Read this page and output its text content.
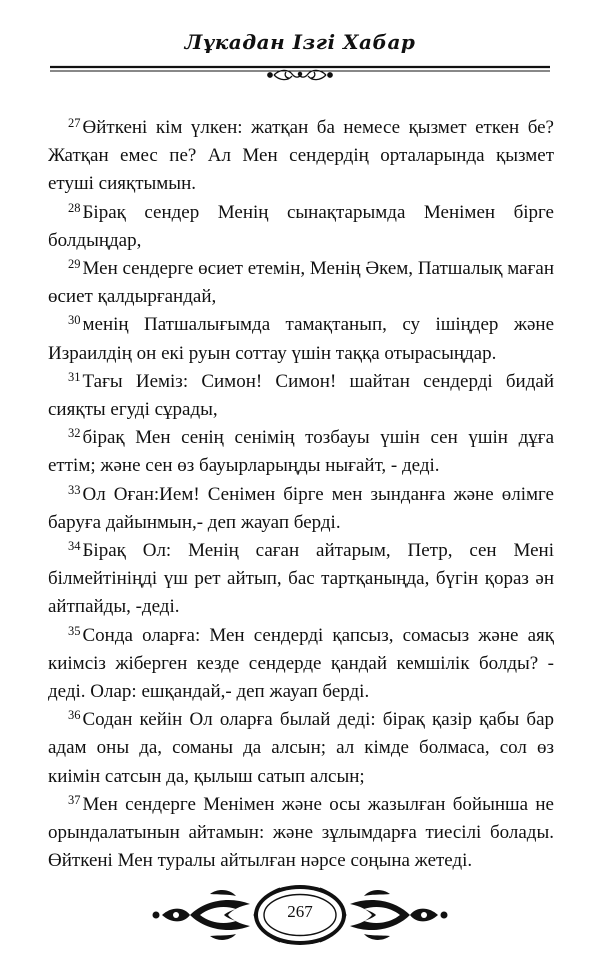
Лұкадан Ізгі Хабар

$^{27}$ Өйткені кім үлкен: жатқан ба немесе қызмет еткен бе? Жатқан емес пе? Ал Мен сендердің орталарында қызмет етуші сияқтымын.

$^{28}$ Бірақ сендер Менің сынақтарымда Менімен бірге болдыңдар,

$^{29}$ Мен сендерге өсиет етемін, Менің Әкем, Патшалық маған өсиет қалдырғандай,

$^{30}$ менің Патшалығымда тамақтанып, су ішіңдер және Израилдің он екі руын соттау үшін таққа отырасыңдар.

$^{31}$ Тағы Иеміз: Симон! Симон! шайтан сендерді бидай сияқты егуді сұрады,

$^{32}$ бірақ Мен сенің сенімің тозбауы үшін сен үшін дұға еттім; және сен өз бауырларыңды нығайт, - деді.

$^{33}$ Ол Оған:Ием! Сенімен бірге мен зынданға және өлімге баруға дайынмын,- деп жауап берді.

$^{34}$ Бірақ Ол: Менің саған айтарым, Петр, сен Мені білмейтініңді үш рет айтып, бас тартқаныңда, бүгін қораз ән айтпайды, -деді.

$^{35}$ Сонда оларға: Мен сендерді қапсыз, сомасыз және аяқ киімсіз жіберген кезде сендерде қандай кемшілік болды? - деді. Олар: ешқандай,- деп жауап берді.

$^{36}$ Содан кейін Ол оларға былай деді: бірақ қазір қабы бар адам оны да, соманы да алсын; ал кімде болмаса, сол өз киімін сатсын да, қылыш сатып алсын;

$^{37}$ Мен сендерге Менімен және осы жазылған бойынша не орындалатынын айтамын: және зұлымдарға тиесілі болады. Өйткені Мен туралы айтылған нәрсе соңына жетеді.

267
